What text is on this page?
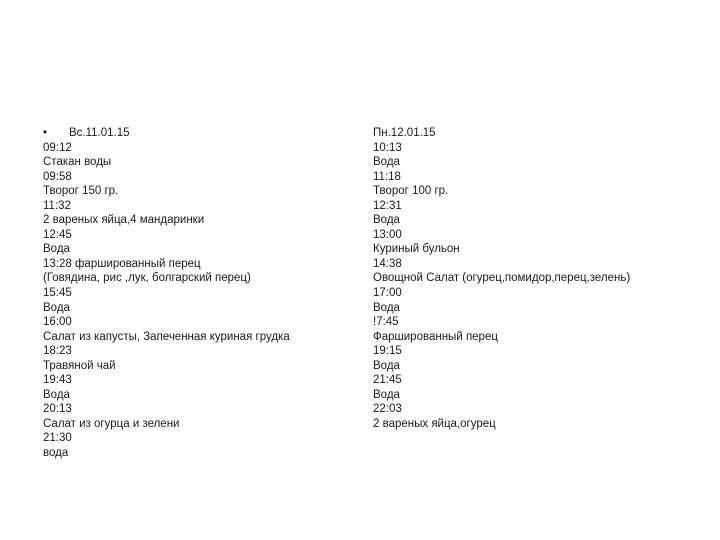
• Вс.11.01.15
09:12
Стакан воды
09:58
Творог 150 гр.
11:32
2 вареных яйца,4 мандаринки
12:45
Вода
13:28 фаршированный перец
(Говядина, рис ,лук, болгарский перец)
15:45
Вода
16:00
Салат из капусты, Запеченная куриная грудка
18:23
Травяной чай
19:43
Вода
20:13
Салат из огурца и зелени
21:30
вода
Пн.12.01.15
10:13
Вода
11:18
Творог 100 гр.
12:31
Вода
13:00
Куриный бульон
14:38
Овощной Салат (огурец,помидор,перец,зелень)
17:00
Вода
!7:45
Фаршированный перец
19:15
Вода
21:45
Вода
22:03
2 вареных яйца,огурец
